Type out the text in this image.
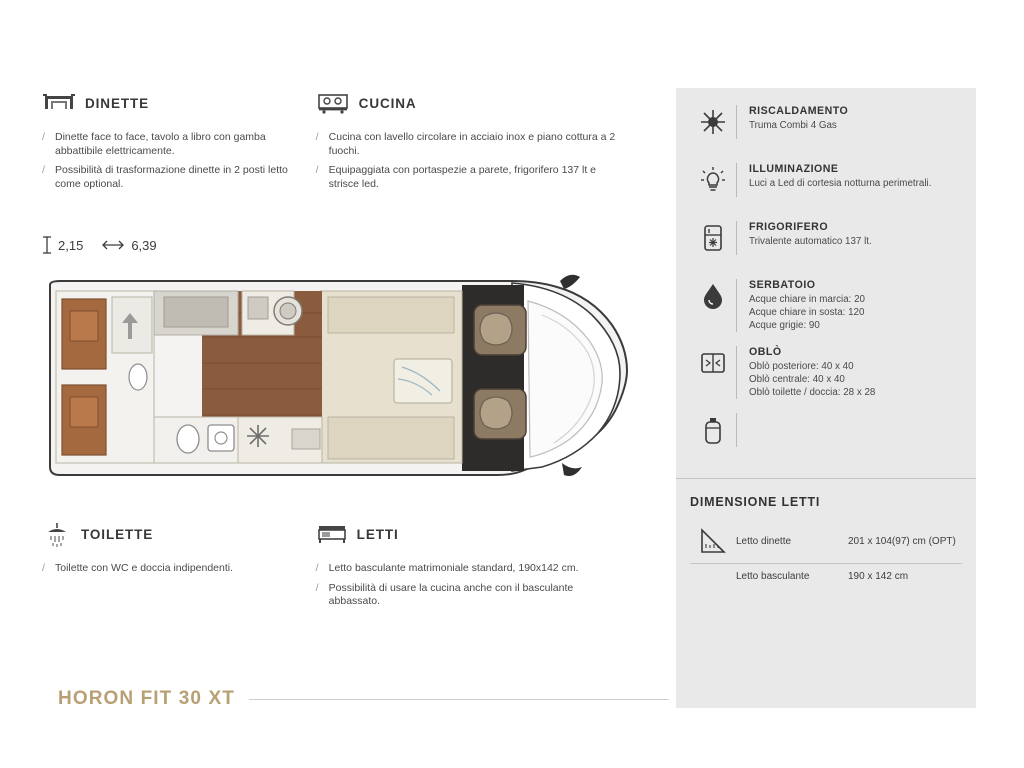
DINETTE
/ Dinette face to face, tavolo a libro con gamba abbattibile elettricamente.
/ Possibilità di trasformazione dinette in 2 posti letto come optional.
CUCINA
/ Cucina con lavello circolare in acciaio inox e piano cottura a 2 fuochi.
/ Equipaggiata con portaspezie a parete, frigorifero 137 lt e strisce led.
2,15	6,39
TOILETTE
/ Toilette con WC e doccia indipendenti.
LETTI
/ Letto basculante matrimoniale standard, 190x142 cm.
/ Possibilità di usare la cucina anche con il basculante abbassato.
RISCALDAMENTO
Truma Combi 4 Gas
ILLUMINAZIONE
Luci a Led di cortesia notturna perimetrali.
FRIGORIFERO
Trivalente automatico 137 lt.
SERBATOIO
Acque chiare in marcia: 20
Acque chiare in sosta: 120
Acque grigie: 90
OBLÒ
Oblò posteriore: 40 x 40
Oblò centrale: 40 x 40
Oblò toilette / doccia: 28 x 28
DIMENSIONE LETTI
Letto dinette	201 x 104(97) cm (OPT)
Letto basculante	190 x 142 cm
HORON FIT 30 XT
